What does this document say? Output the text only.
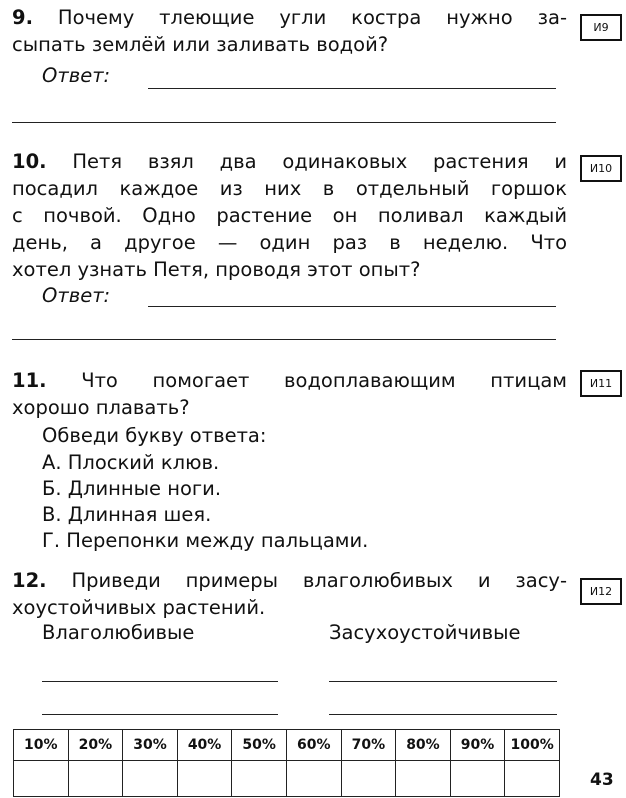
9. Почему тлеющие угли костра нужно за-
сыпать землёй или заливать водой?
И9
Ответ:
10. Петя взял два одинаковых растения и
посадил каждое из них в отдельный горшок
с почвой. Одно растение он поливал каждый
день, а другое — один раз в неделю. Что
хотел узнать Петя, проводя этот опыт?
И10
Ответ:
11. Что помогает водоплавающим птицам
хорошо плавать?
И11
Обведи букву ответа:
А. Плоский клюв.
Б. Длинные ноги.
В. Длинная шея.
Г. Перепонки между пальцами.
12. Приведи примеры влаголюбивых и засу-
хоустойчивых растений.
И12
Влаголюбивые	Засухоустойчивые
10%	20%	30%	40%	50%	60%	70%	80%	90%	100%

43
